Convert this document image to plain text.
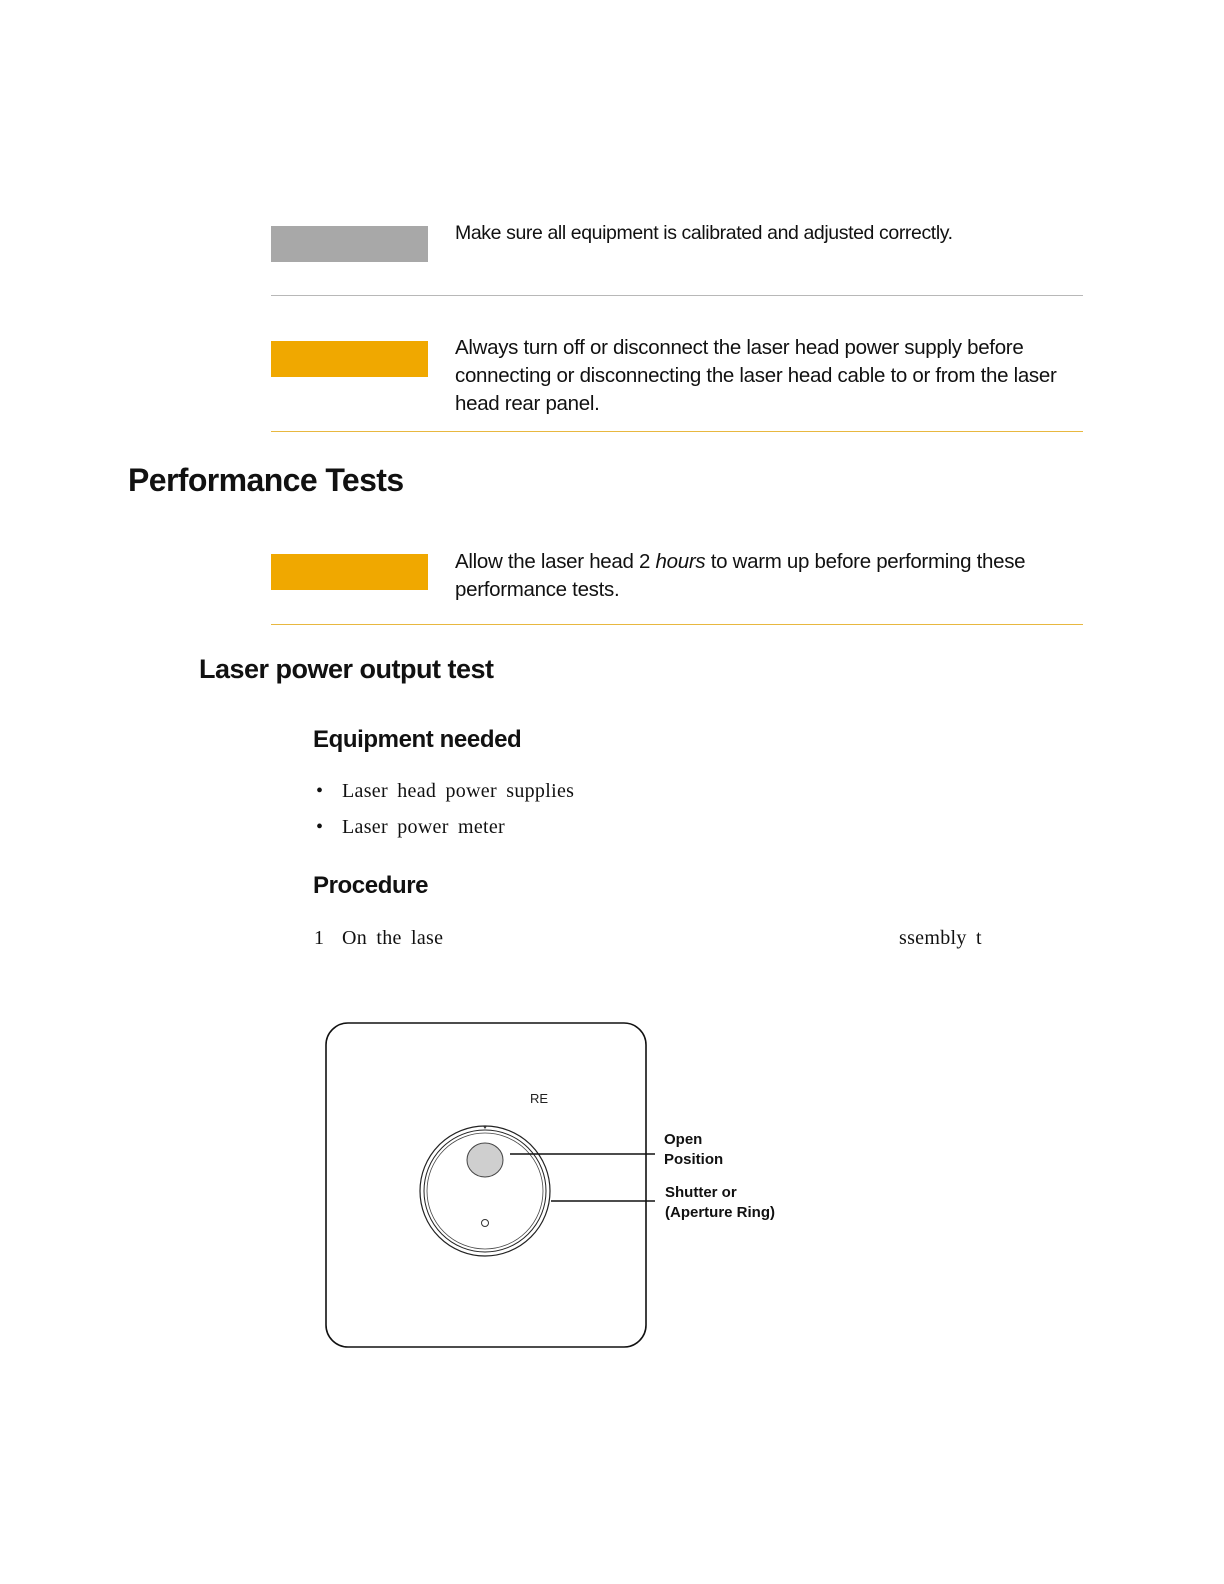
Make sure all equipment is calibrated and adjusted correctly.
Always turn off or disconnect the laser head power supply before connecting or disconnecting the laser head cable to or from the laser head rear panel.
Performance Tests
Allow the laser head 2 hours to warm up before performing these performance tests.
Laser power output test
Equipment needed
• Laser head power supplies
• Laser power meter
Procedure
1 On the lase	ssembly t
RE
Open
Position
Shutter or
(Aperture Ring)
